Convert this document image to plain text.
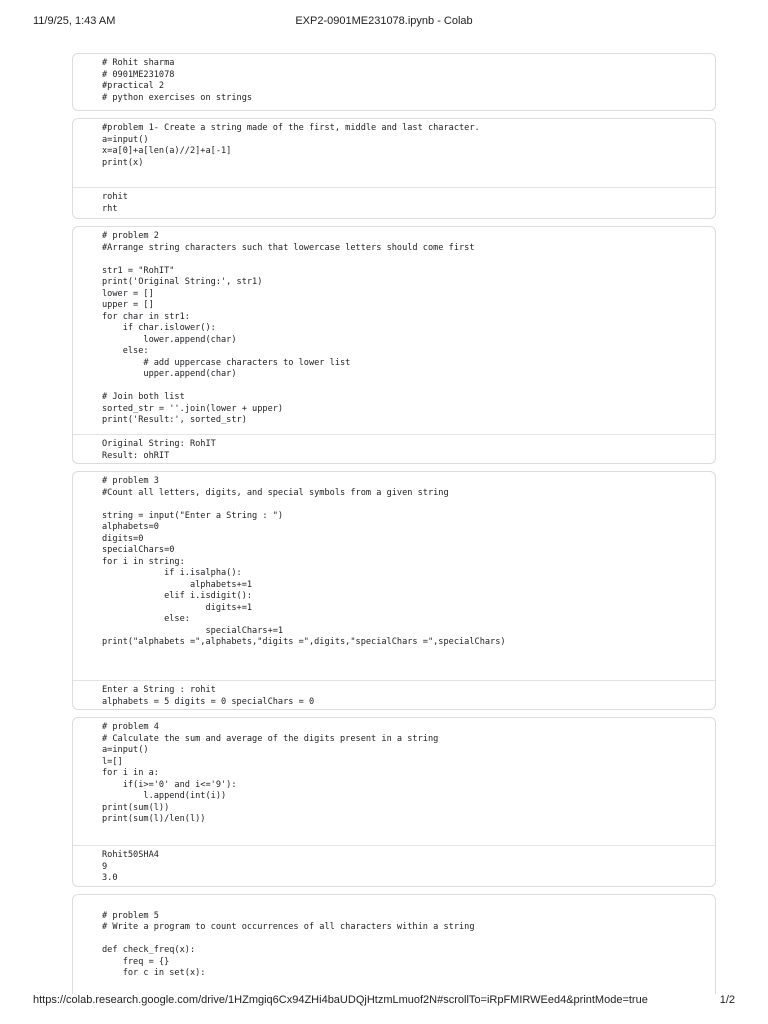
11/9/25, 1:43 AM	EXP2-0901ME231078.ipynb - Colab
# Rohit sharma
# 0901ME231078
#practical 2
# python exercises on strings
#problem 1- Create a string made of the first, middle and last character.
a=input()
x=a[0]+a[len(a)//2]+a[-1]
print(x)
rohit
rht
# problem 2
#Arrange string characters such that lowercase letters should come first
str1 = "RohIT"
print('Original String:', str1)
lower = []
upper = []
for char in str1:
if char.islower():
lower.append(char)
else:
# add uppercase characters to lower list
upper.append(char)
# Join both list
sorted_str = ''.join(lower + upper)
print('Result:', sorted_str)
Original String: RohIT
Result: ohRIT
# problem 3
#Count all letters, digits, and special symbols from a given string
string = input("Enter a String : ")
alphabets=0
digits=0
specialChars=0
for i in string:
if i.isalpha():
alphabets+=1
elif i.isdigit():
digits+=1
else:
specialChars+=1
print("alphabets =",alphabets,"digits =",digits,"specialChars =",specialChars)
Enter a String : rohit
alphabets = 5 digits = 0 specialChars = 0
# problem 4
# Calculate the sum and average of the digits present in a string
a=input()
l=[]
for i in a:
if(i>='0' and i<='9'):
l.append(int(i))
print(sum(l))
print(sum(l)/len(l))
Rohit50SHA4
9
3.0
# problem 5
# Write a program to count occurrences of all characters within a string
def check_freq(x):
freq = {}
for c in set(x):
https://colab.research.google.com/drive/1HZmgiq6Cx94ZHi4baUDQjHtzmLmuof2N#scrollTo=iRpFMIRWEed4&printMode=true	1/2
